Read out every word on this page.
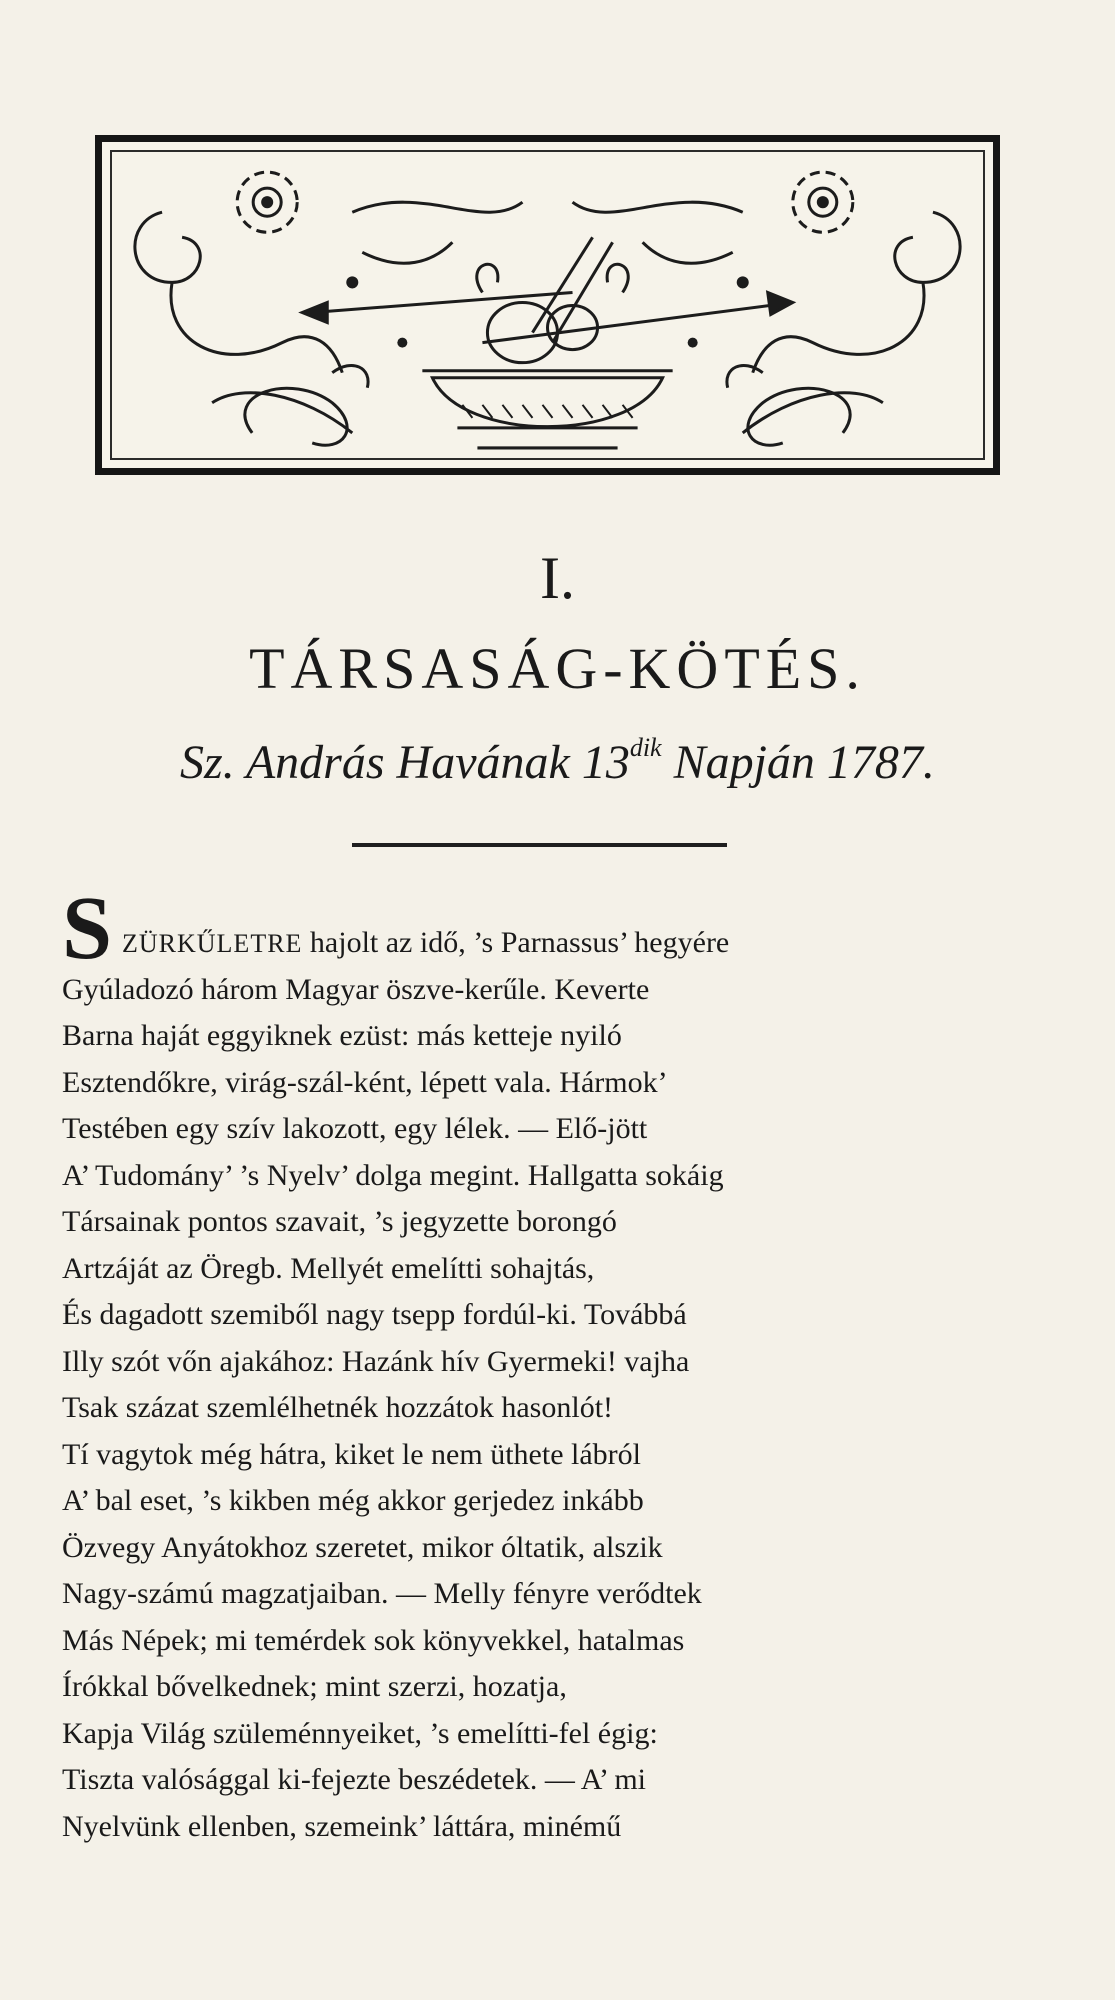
I.
TÁRSASÁG-KÖTÉS.
Sz. András Havának $13^{dik}$ Napján 1787.
S ZÜRKŰLETRE hajolt az idő, ’s Parnassus’ hegyére
Gyúladozó három Magyar öszve-kerűle. Keverte
Barna haját eggyiknek ezüst: más ketteje nyiló
Esztendőkre, virág-szál-ként, lépett vala. Hármok’
Testében egy szív lakozott, egy lélek. — Elő-jött
A’ Tudomány’ ’s Nyelv’ dolga megint. Hallgatta sokáig
Társainak pontos szavait, ’s jegyzette borongó
Artzáját az Öregb. Mellyét emelítti sohajtás,
És dagadott szemiből nagy tsepp fordúl-ki. Továbbá
Illy szót vőn ajakához: Hazánk hív Gyermeki! vajha
Tsak százat szemlélhetnék hozzátok hasonlót!
Tí vagytok még hátra, kiket le nem üthete lábról
A’ bal eset, ’s kikben még akkor gerjedez inkább
Özvegy Anyátokhoz szeretet, mikor óltatik, alszik
Nagy-számú magzatjaiban. — Melly fényre verődtek
Más Népek; mi temérdek sok könyvekkel, hatalmas
Írókkal bővelkednek; mint szerzi, hozatja,
Kapja Világ szüleménnyeiket, ’s emelítti-fel égig:
Tiszta valósággal ki-fejezte beszédetek. — A’ mi
Nyelvünk ellenben, szemeink’ láttára, minémű
